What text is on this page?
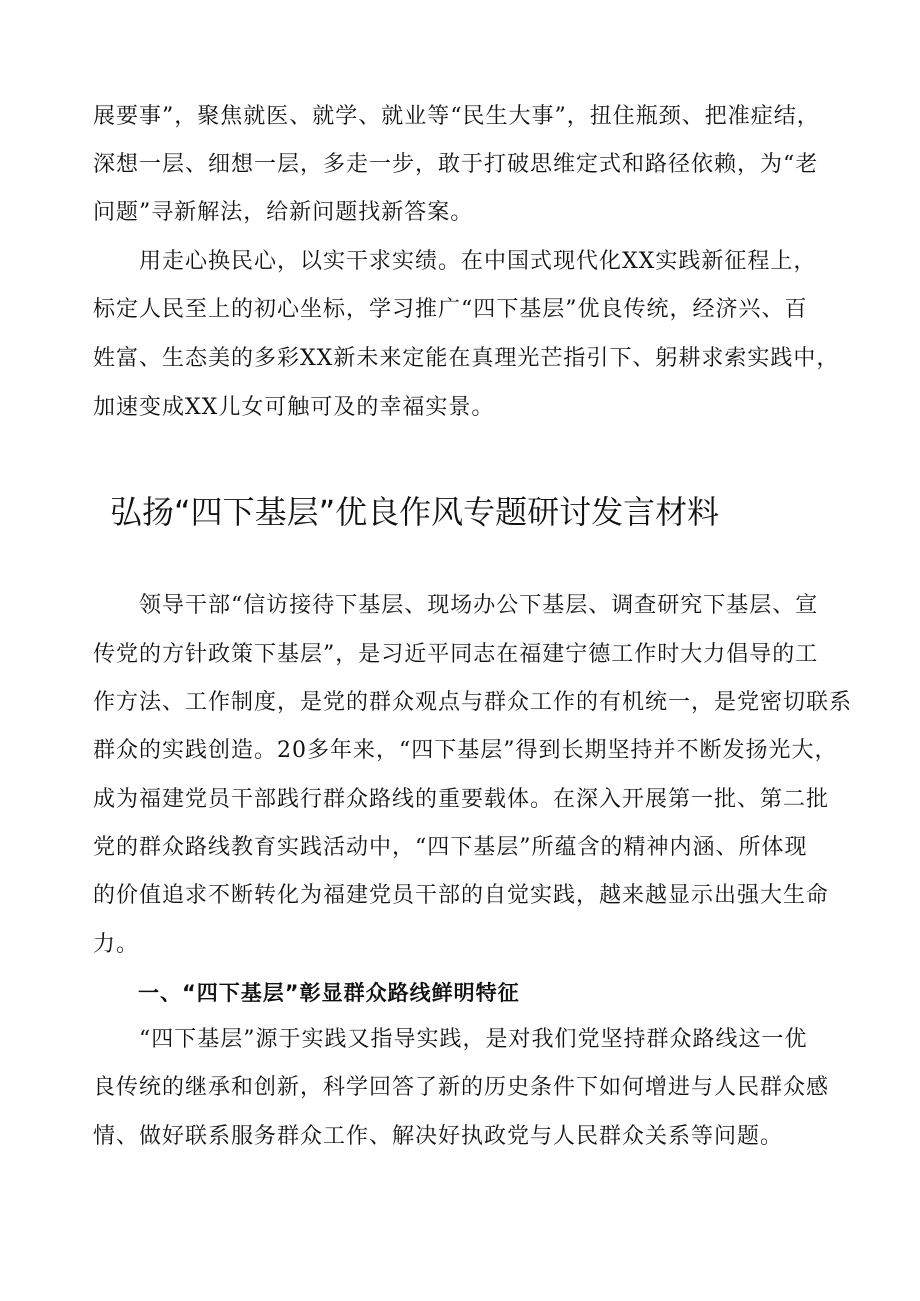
展要事”，聚焦就医、就学、就业等“民生大事”，扭住瓶颈、把准症结，
深想一层、细想一层，多走一步，敢于打破思维定式和路径依赖，为“老
问题”寻新解法，给新问题找新答案。
用走心换民心，以实干求实绩。在中国式现代化XX实践新征程上，
标定人民至上的初心坐标，学习推广“四下基层”优良传统，经济兴、百
姓富、生态美的多彩XX新未来定能在真理光芒指引下、躬耕求索实践中，
加速变成XX儿女可触可及的幸福实景。
弘扬“四下基层”优良作风专题研讨发言材料
领导干部“信访接待下基层、现场办公下基层、调查研究下基层、宣
传党的方针政策下基层”，是习近平同志在福建宁德工作时大力倡导的工
作方法、工作制度，是党的群众观点与群众工作的有机统一，是党密切联系
群众的实践创造。20多年来，“四下基层”得到长期坚持并不断发扬光大，
成为福建党员干部践行群众路线的重要载体。在深入开展第一批、第二批
党的群众路线教育实践活动中，“四下基层”所蕴含的精神内涵、所体现
的价值追求不断转化为福建党员干部的自觉实践，越来越显示出强大生命
力。
一、“四下基层”彰显群众路线鲜明特征
“四下基层”源于实践又指导实践，是对我们党坚持群众路线这一优
良传统的继承和创新，科学回答了新的历史条件下如何增进与人民群众感
情、做好联系服务群众工作、解决好执政党与人民群众关系等问题。
